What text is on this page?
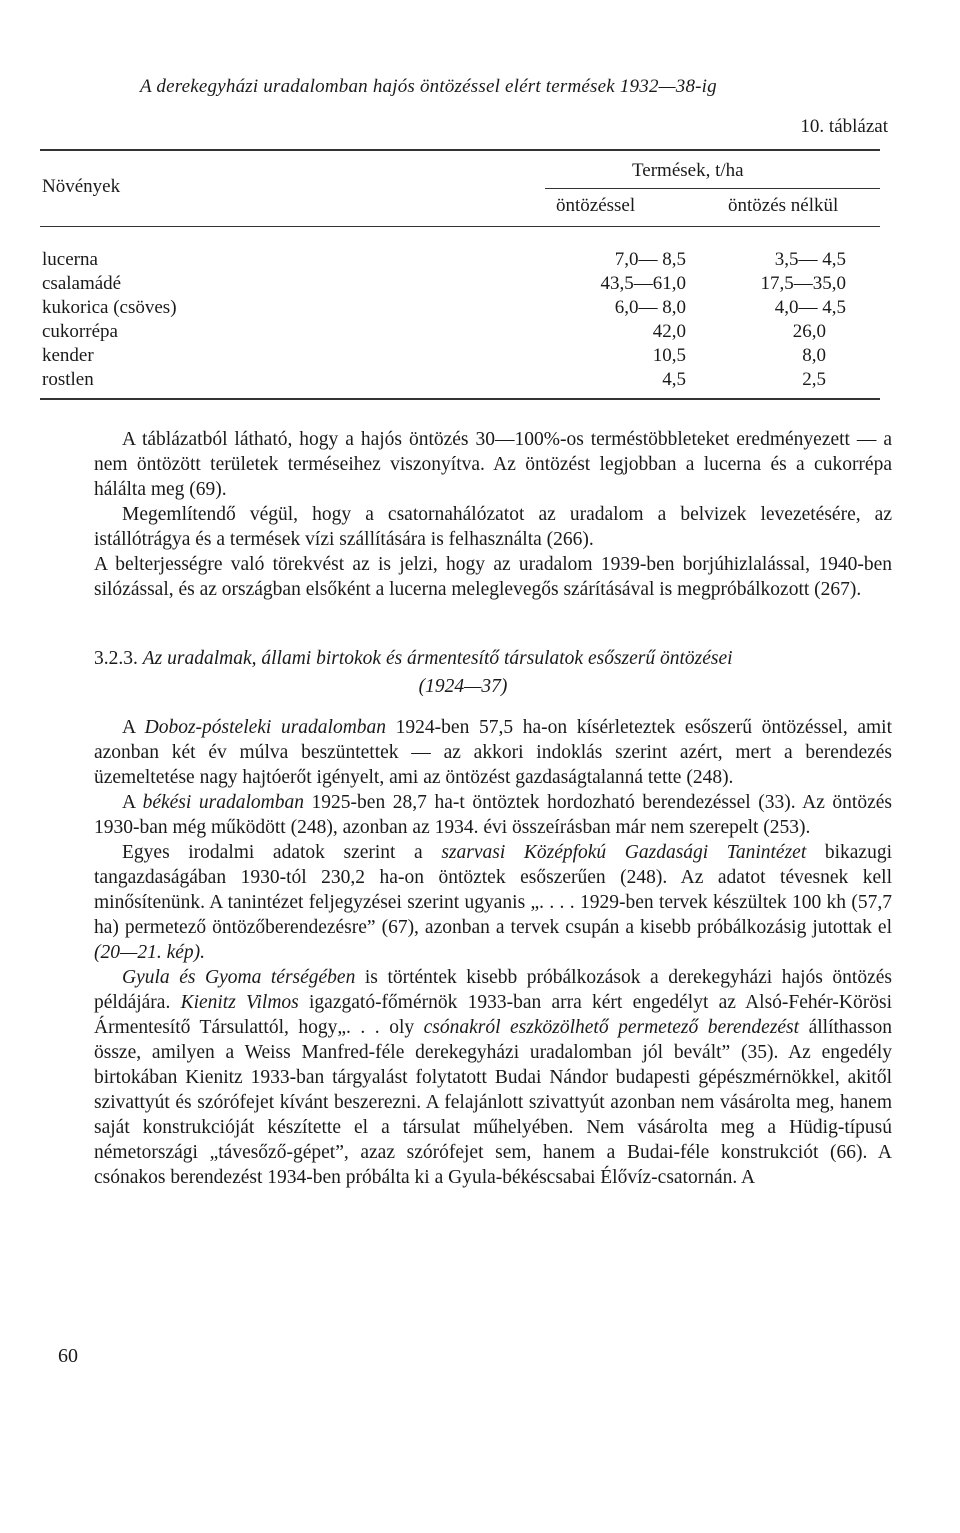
A derekegyházi uradalomban hajós öntözéssel elért termések 1932—38-ig
10. táblázat
Növények
Termések, t/ha
öntözéssel	öntözés nélkül
lucerna	7,0— 8,5	3,5— 4,5
csalamádé	43,5—61,0	17,5—35,0
kukorica (csöves)	6,0— 8,0	4,0— 4,5
cukorrépa	42,0	26,0
kender	10,5	8,0
rostlen	4,5	2,5

A táblázatból látható, hogy a hajós öntözés 30—100%-os terméstöbbleteket eredményezett — a nem öntözött területek terméseihez viszonyítva. Az öntözést legjobban a lucerna és a cukorrépa hálálta meg (69).

Megemlítendő végül, hogy a csatornahálózatot az uradalom a belvizek levezetésére, az istállótrágya és a termések vízi szállítására is felhasználta (266).

A belterjességre való törekvést az is jelzi, hogy az uradalom 1939-ben borjúhizlalással, 1940-ben silózással, és az országban elsőként a lucerna meleglevegős szárításával is megpróbálkozott (267).

3.2.3. Az uradalmak, állami birtokok és ármentesítő társulatok esőszerű öntözései
(1924—37)

A Doboz-pósteleki uradalomban 1924-ben 57,5 ha-on kísérleteztek esőszerű öntözéssel, amit azonban két év múlva beszüntettek — az akkori indoklás szerint azért, mert a berendezés üzemeltetése nagy hajtóerőt igényelt, ami az öntözést gazdaságtalanná tette (248).

A békési uradalomban 1925-ben 28,7 ha-t öntöztek hordozható berendezéssel (33). Az öntözés 1930-ban még működött (248), azonban az 1934. évi összeírásban már nem szerepelt (253).

Egyes irodalmi adatok szerint a szarvasi Középfokú Gazdasági Tanintézet bikazugi tangazdaságában 1930-tól 230,2 ha-on öntöztek esőszerűen (248). Az adatot tévesnek kell minősítenünk. A tanintézet feljegyzései szerint ugyanis „. . . . 1929-ben tervek készültek 100 kh (57,7 ha) permetező öntözőberendezésre” (67), azonban a tervek csupán a kisebb próbálkozásig jutottak el (20—21. kép).

Gyula és Gyoma térségében is történtek kisebb próbálkozások a derekegyházi hajós öntözés példájára. Kienitz Vilmos igazgató-főmérnök 1933-ban arra kért engedélyt az Alsó-Fehér-Körösi Ármentesítő Társulattól, hogy„. . . oly csónakról eszközölhető permetező berendezést állíthasson össze, amilyen a Weiss Manfred-féle derekegyházi uradalomban jól bevált” (35). Az engedély birtokában Kienitz 1933-ban tárgyalást folytatott Budai Nándor budapesti gépészmérnökkel, akitől szivattyút és szórófejet kívánt beszerezni. A felajánlott szivattyút azonban nem vásárolta meg, hanem saját konstrukcióját készítette el a társulat műhelyében. Nem vásárolta meg a Hüdig-típusú németországi „távesőző-gépet”, azaz szórófejet sem, hanem a Budai-féle konstrukciót (66). A csónakos berendezést 1934-ben próbálta ki a Gyula-békéscsabai Élővíz-csatornán. A

60
